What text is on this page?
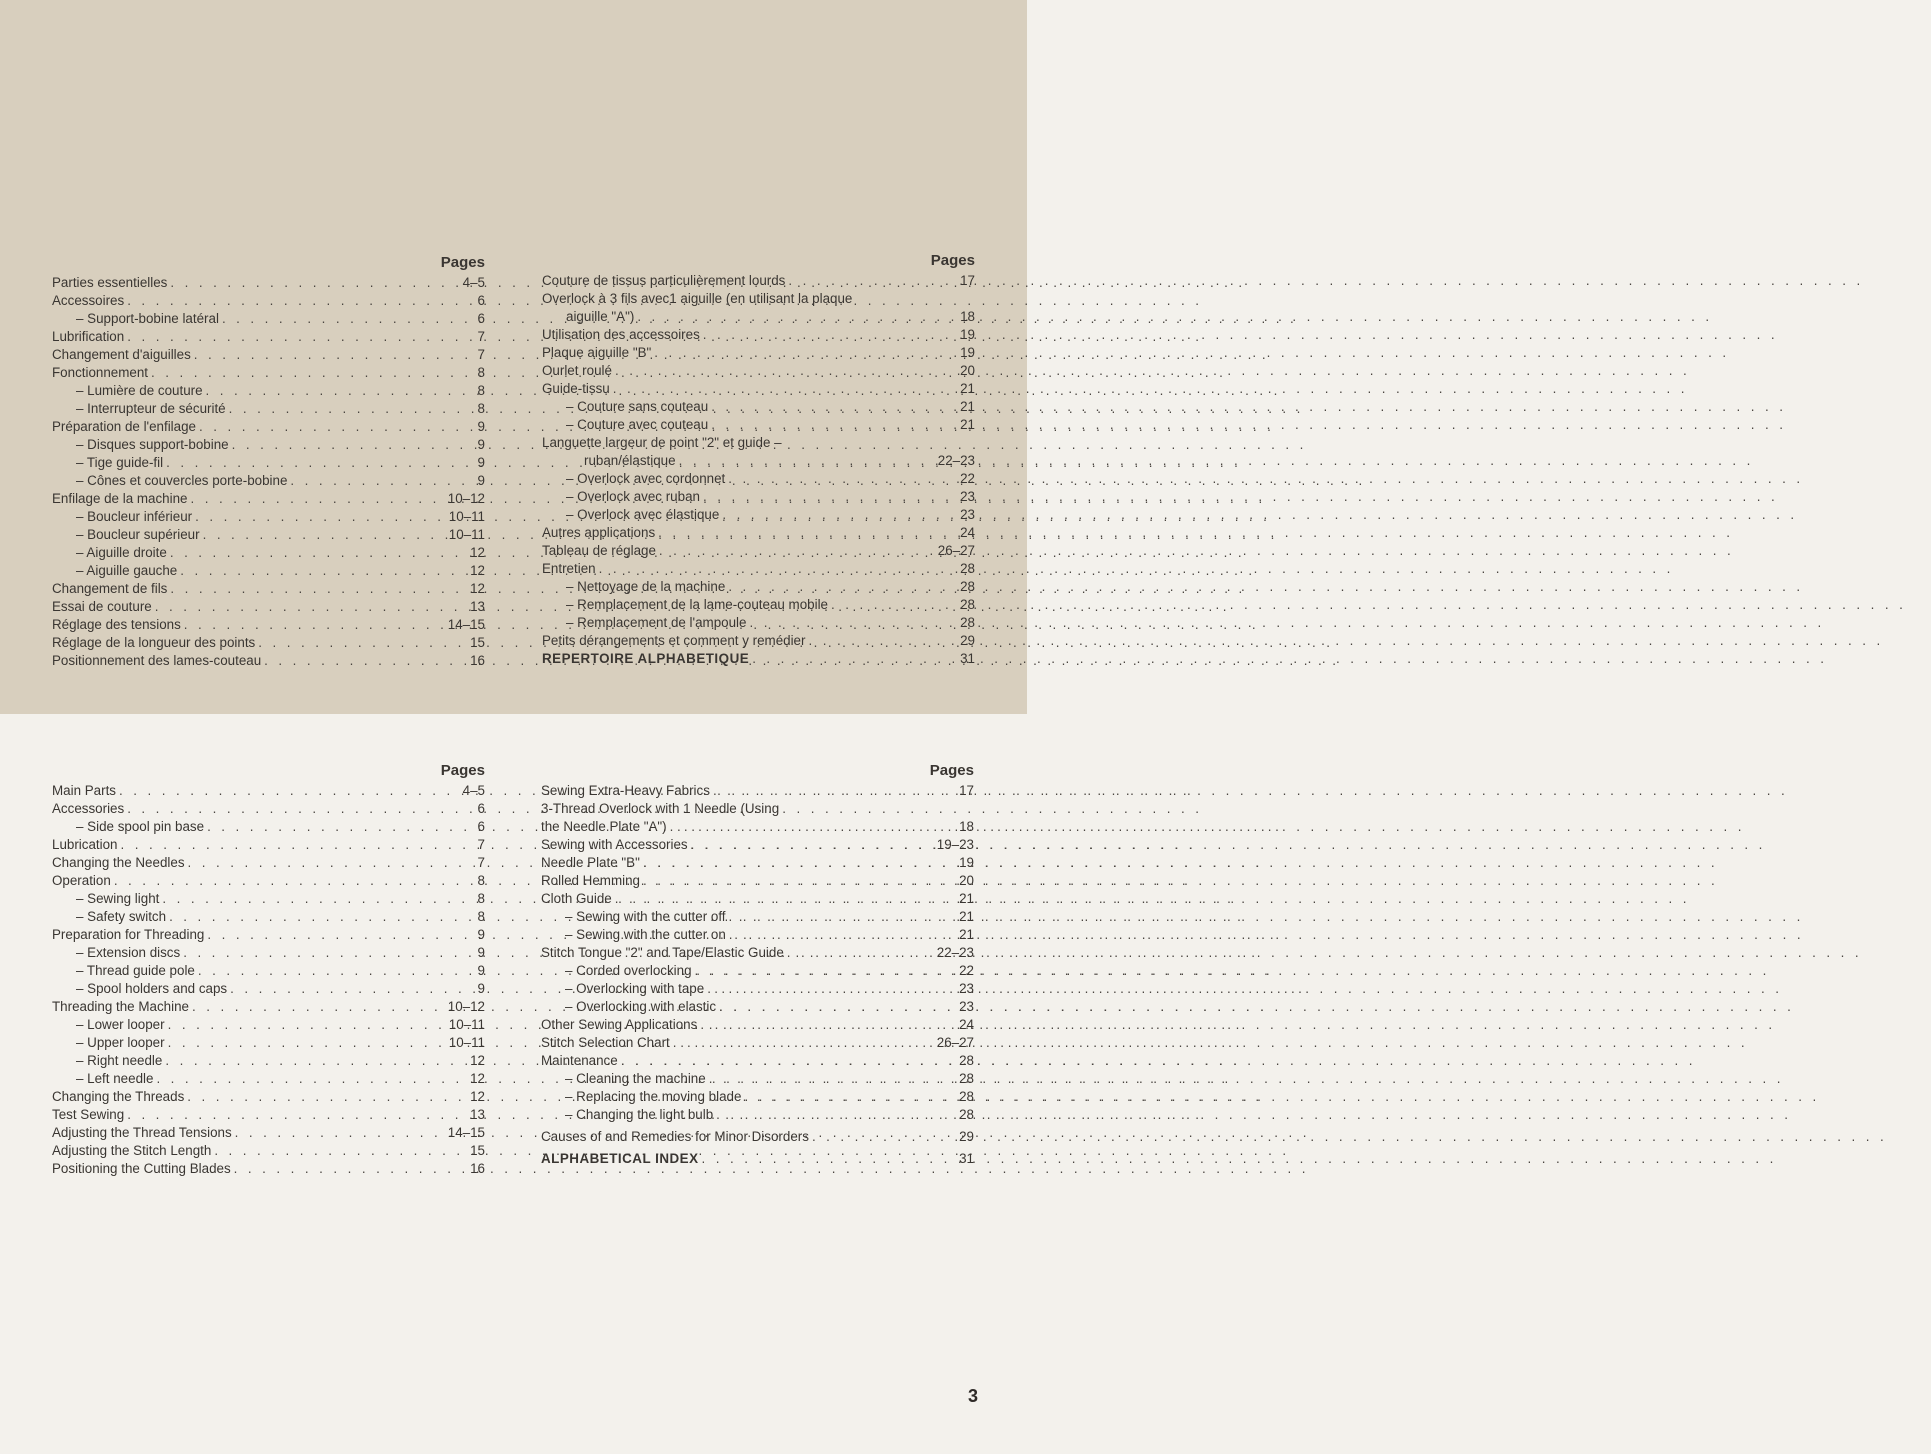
Pages
Parties essentielles . . .	4–5
Accessoires . . .	6
– Support-bobine latéral . . .	6
Lubrification . . .	7
Changement d'aiguilles . . .	7
Fonctionnement . . .	8
– Lumière de couture . . .	8
– Interrupteur de sécurité . . .	8
Préparation de l'enfilage . . .	9
– Disques support-bobine . . .	9
– Tige guide-fil . . .	9
– Cônes et couvercles porte-bobine . . .	9
Enfilage de la machine . . .	10–12
– Boucleur inférieur . . .	10–11
– Boucleur supérieur . . .	10–11
– Aiguille droite . . .	12
– Aiguille gauche . . .	12
Changement de fils . . .	12
Essai de couture . . .	13
Réglage des tensions . . .	14–15
Réglage de la longueur des points . . .	15
Positionnement des lames-couteau . . .	16
Pages
Couture de tissus particulièrement lourds . . .	17
Overlock à 3 fils avec1 aiguille (en utilisant la plaque
aiguille "A") . . .	18
Utilisation des accessoires . . .	19
Plaque aiguille "B" . . .	19
Ourlet roulé . . .	20
Guide-tissu . . .	21
– Couture sans couteau . . .	21
– Couture avec couteau . . .	21
Languette largeur de point "2" et guide –
ruban/élastique . . .	22–23
– Overlock avec cordonnet . . .	22
– Overlock avec ruban . . .	23
– Overlock avec élastique . . .	23
Autres applications . . .	24
Tableau de réglage . . .	26–27
Entretien . . .	28
– Nettoyage de la machine . . .	28
– Remplacement de la lame-couteau mobile . . .	28
– Remplacement de l'ampoule . . .	28
Petits dérangements et comment y remédier . . .	29
REPERTOIRE ALPHABETIQUE . . .	31
Pages
Main Parts . . .	4–5
Accessories . . .	6
– Side spool pin base . . .	6
Lubrication . . .	7
Changing the Needles . . .	7
Operation . . .	8
– Sewing light . . .	8
– Safety switch . . .	8
Preparation for Threading . . .	9
– Extension discs . . .	9
– Thread guide pole . . .	9
– Spool holders and caps . . .	9
Threading the Machine . . .	10–12
– Lower looper . . .	10–11
– Upper looper . . .	10–11
– Right needle . . .	12
– Left needle . . .	12
Changing the Threads . . .	12
Test Sewing . . .	13
Adjusting the Thread Tensions . . .	14–15
Adjusting the Stitch Length . . .	15
Positioning the Cutting Blades . . .	16
Pages
Sewing Extra-Heavy Fabrics . . .	17
3-Thread Overlock with 1 Needle (Using
the Needle Plate "A") . . .	18
Sewing with Accessories . . .	19–23
Needle Plate "B" . . .	19
Rolled Hemming . . .	20
Cloth Guide . . .	21
– Sewing with the cutter off . . .	21
– Sewing with the cutter on . . .	21
Stitch Tongue "2" and Tape/Elastic Guide . . .	22–23
– Corded overlocking . . .	22
– Overlocking with tape . . .	23
– Overlocking with elastic . . .	23
Other Sewing Applications . . .	24
Stitch Selection Chart . . .	26–27
Maintenance . . .	28
– Cleaning the machine . . .	28
– Replacing the moving blade . . .	28
– Changing the light bulb . . .	28
Causes of and Remedies for Minor Disorders . . .	29
ALPHABETICAL INDEX . . .	31
3
